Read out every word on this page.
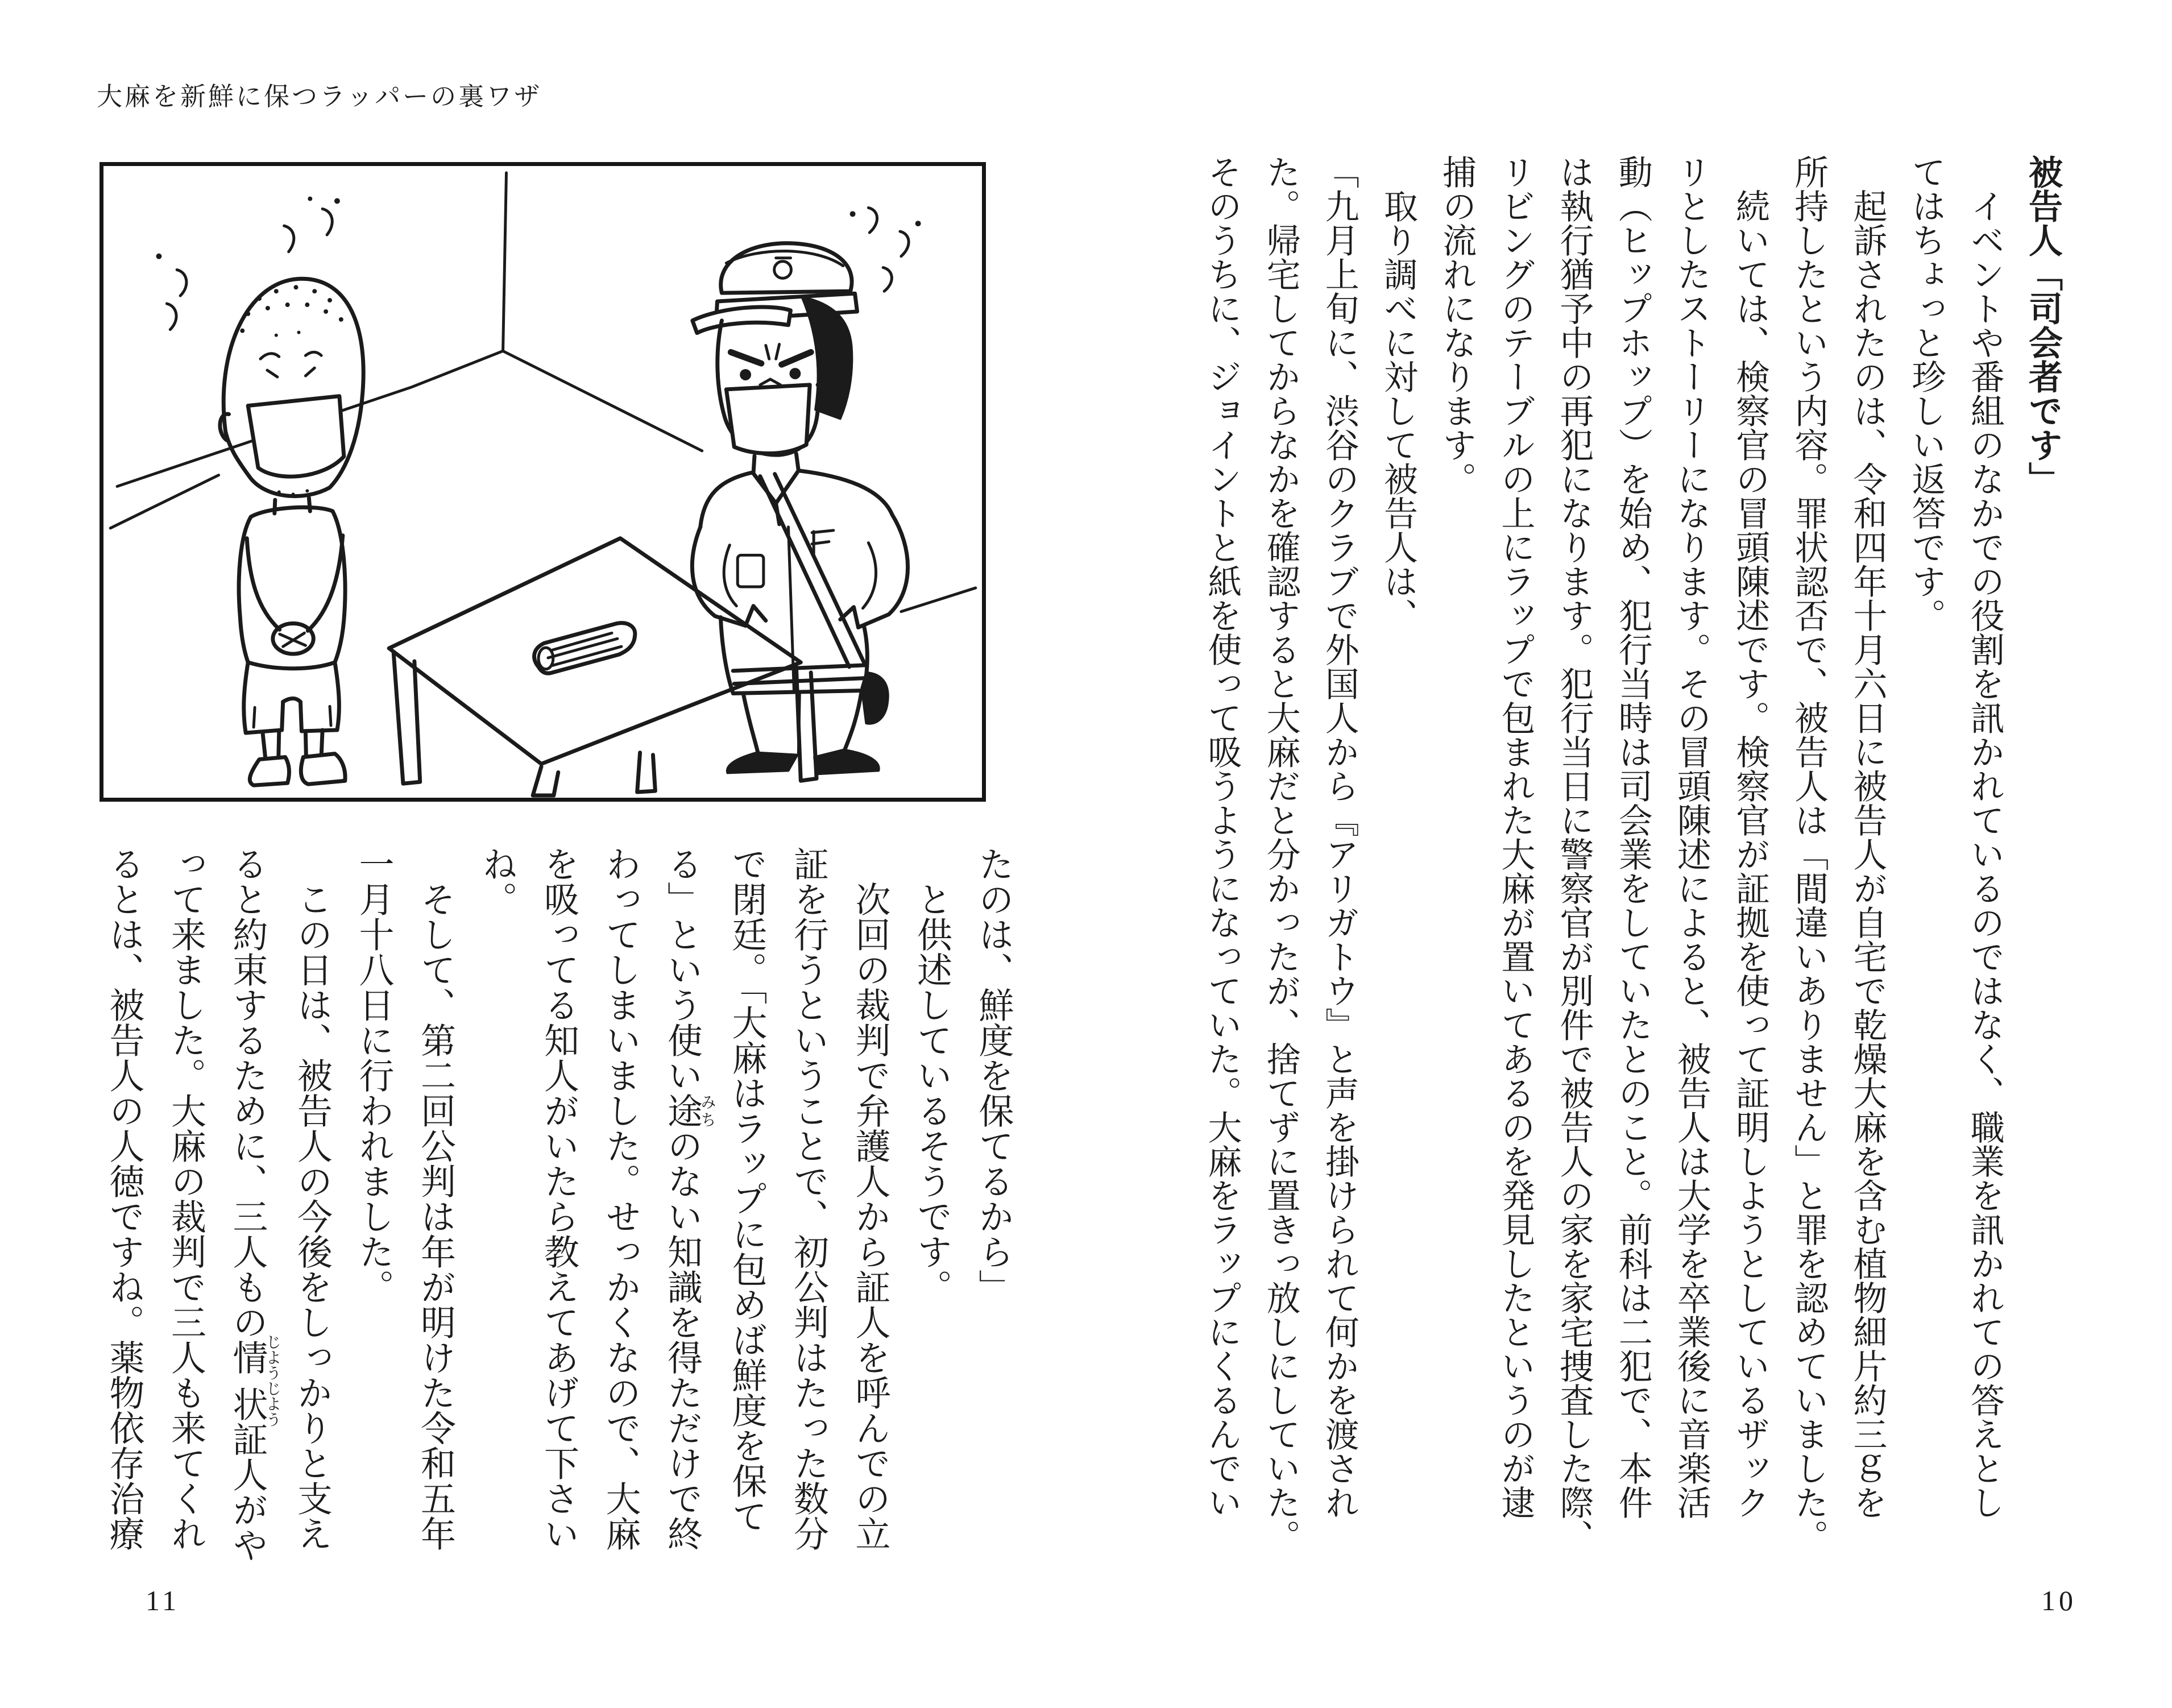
大麻を新鮮に保つラッパーの裏ワザ

たのは、鮮度を保てるから」

と供述しているそうです。

次回の裁判で弁護人から証人を呼んでの立

証を行うということで、初公判はたった数分

で閉廷。「大麻はラップに包めば鮮度を保て

る」という使い途みちのない知識を得ただけで終

わってしまいました。せっかくなので、大麻

を吸ってる知人がいたら教えてあげて下さい

ね。

そして、第二回公判は年が明けた令和五年

一月十八日に行われました。

この日は、被告人の今後をしっかりと支え

ると約束するために、三人もの情状じようじよう証人がや

って来ました。大麻の裁判で三人も来てくれ

るとは、被告人の人徳ですね。薬物依存治療

11

被告人「司会者です」

イベントや番組のなかでの役割を訊かれているのではなく、職業を訊かれての答えとし

てはちょっと珍しい返答です。

起訴されたのは、令和四年十月六日に被告人が自宅で乾燥大麻を含む植物細片約三ｇを

所持したという内容。罪状認否で、被告人は「間違いありません」と罪を認めていました。

続いては、検察官の冒頭陳述です。検察官が証拠を使って証明しようとしているザック

リとしたストーリーになります。その冒頭陳述によると、被告人は大学を卒業後に音楽活

動（ヒップホップ）を始め、犯行当時は司会業をしていたとのこと。前科は二犯で、本件

は執行猶予中の再犯になります。犯行当日に警察官が別件で被告人の家を家宅捜査した際、

リビングのテーブルの上にラップで包まれた大麻が置いてあるのを発見したというのが逮

捕の流れになります。

取り調べに対して被告人は、

「九月上旬に、渋谷のクラブで外国人から『アリガトウ』と声を掛けられて何かを渡され

た。帰宅してからなかを確認すると大麻だと分かったが、捨てずに置きっ放しにしていた。

そのうちに、ジョイントと紙を使って吸うようになっていた。大麻をラップにくるんでい

10
